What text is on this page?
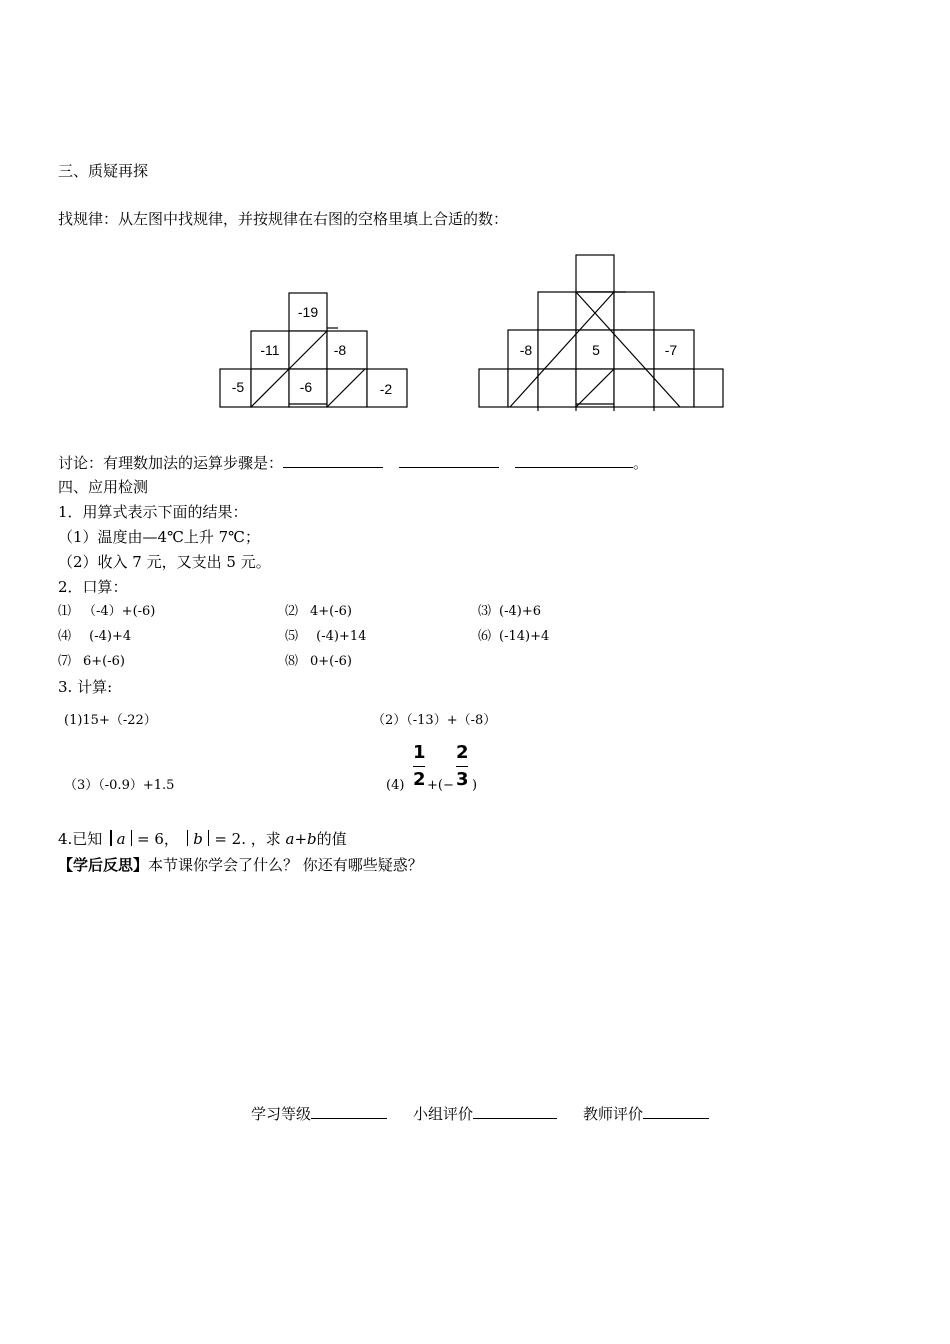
三、质疑再探
找规律：从左图中找规律，并按规律在右图的空格里填上合适的数：
-19
-11	-8
-5	-6	-2
-8	5	-7
讨论：有理数加法的运算步骤是：	。
四、应用检测
1．用算式表示下面的结果：
（1）温度由—4℃上升 7℃；
（2）收入 7 元，又支出 5 元。
2．口算：
⑴ （-4）+(-6)	⑵ 4+(-6)	⑶ (-4)+6
⑷ (-4)+4	⑸ (-4)+14	⑹ (-14)+4
⑺ 6+(-6)	⑻ 0+(-6)
3. 计算:
(1)15+（-22）	（2）（-13）+（-8）
（3）（-0.9）+1.5	(4)
1
2 +(−
2
3 )
4.已知 a = 6， b = 2. ，求 a+b的值
【学后反思】本节课你学会了什么？ 你还有哪些疑惑？
学习等级	小组评价	教师评价
